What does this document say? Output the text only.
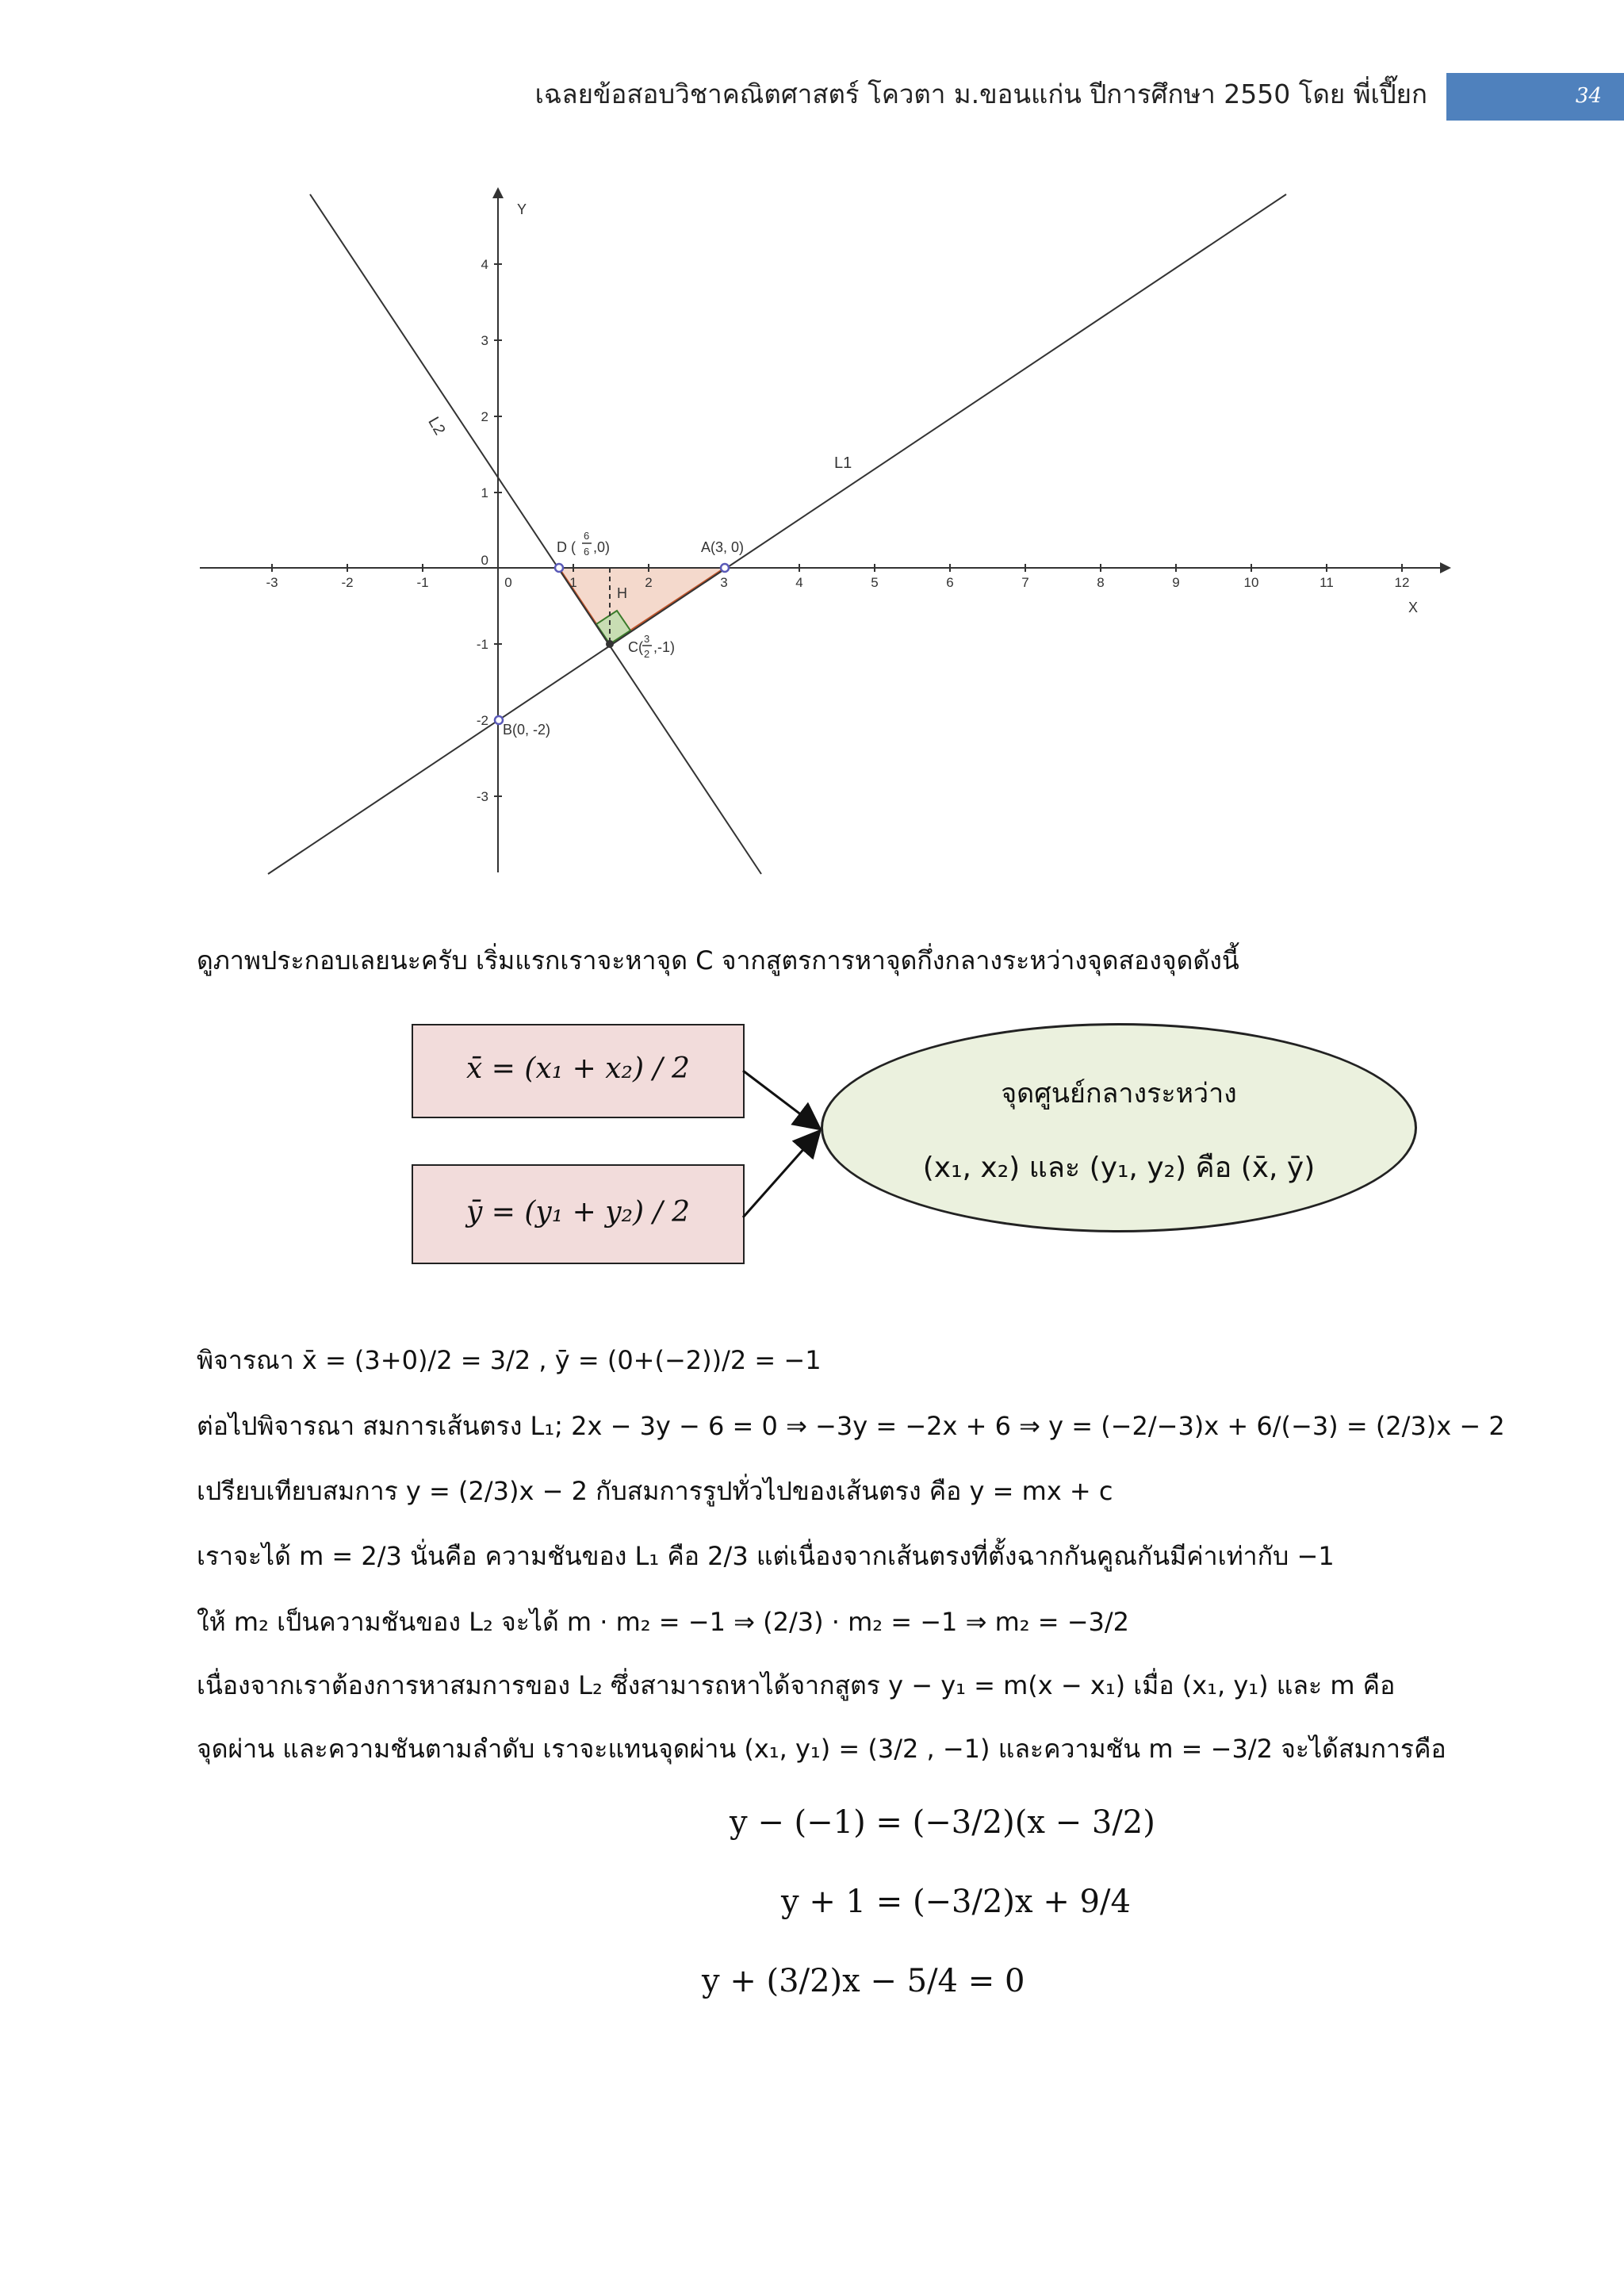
เฉลยข้อสอบวิชาคณิตศาสตร์ โควตา ม.ขอนแก่น ปีการศึกษา 2550 โดย พี่เปี๊ยก	34
-3	-2	-1	0	1	2	3	4	5	6	7	8	9	10	11	12
4
3
2
1
0
-1
-2
-3
Y
X
L1
L2
A(3, 0)
B(0, -2)
H
C(
3
2 ,-1)
D (
6
6 ,0)
ดูภาพประกอบเลยนะครับ เริ่มแรกเราจะหาจุด C จากสูตรการหาจุดกึ่งกลางระหว่างจุดสองจุดดังนี้
x̄ = (x₁ + x₂) / 2
ȳ = (y₁ + y₂) / 2
จุดศูนย์กลางระหว่าง
(x₁, x₂) และ (y₁, y₂) คือ (x̄, ȳ)
พิจารณา x̄ = (3+0)/2 = 3/2 , ȳ = (0+(−2))/2 = −1
ต่อไปพิจารณา สมการเส้นตรง L₁; 2x − 3y − 6 = 0 ⇒ −3y = −2x + 6 ⇒ y = (−2/−3)x + 6/(−3) = (2/3)x − 2
เปรียบเทียบสมการ y = (2/3)x − 2 กับสมการรูปทั่วไปของเส้นตรง คือ y = mx + c
เราจะได้ m = 2/3 นั่นคือ ความชันของ L₁ คือ 2/3 แต่เนื่องจากเส้นตรงที่ตั้งฉากกันคูณกันมีค่าเท่ากับ −1
ให้ m₂ เป็นความชันของ L₂ จะได้ m · m₂ = −1 ⇒ (2/3) · m₂ = −1 ⇒ m₂ = −3/2
เนื่องจากเราต้องการหาสมการของ L₂ ซึ่งสามารถหาได้จากสูตร y − y₁ = m(x − x₁) เมื่อ (x₁, y₁) และ m คือ
จุดผ่าน และความชันตามลำดับ เราจะแทนจุดผ่าน (x₁, y₁) = (3/2 , −1) และความชัน m = −3/2 จะได้สมการคือ
y − (−1) = (−3/2)(x − 3/2)
y + 1 = (−3/2)x + 9/4
y + (3/2)x − 5/4 = 0
